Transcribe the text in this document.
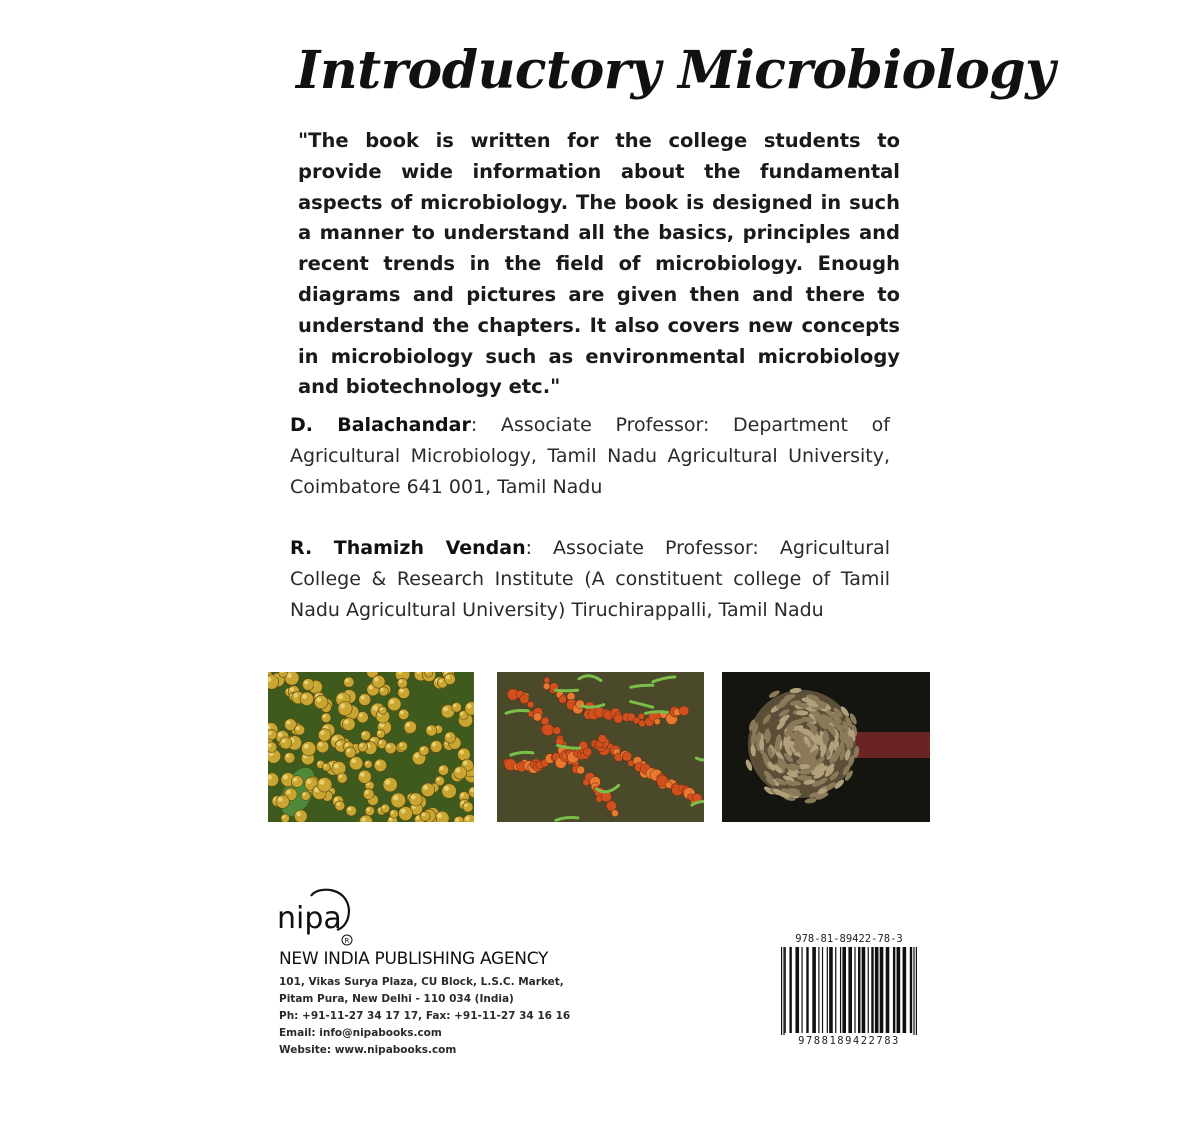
Introductory Microbiology

"The book is written for the college students to provide wide information about the fundamental aspects of microbiology. The book is designed in such a manner to understand all the basics, principles and recent trends in the field of microbiology. Enough diagrams and pictures are given then and there to understand the chapters. It also covers new concepts in microbiology such as environmental microbiology and biotechnology etc."

D. Balachandar: Associate Professor: Department of Agricultural Microbiology, Tamil Nadu Agricultural University, Coimbatore 641 001, Tamil Nadu

R. Thamizh Vendan: Associate Professor: Agricultural College & Research Institute (A constituent college of Tamil Nadu Agricultural University) Tiruchirappalli, Tamil Nadu

nipa
R
NEW INDIA PUBLISHING AGENCY
101, Vikas Surya Plaza, CU Block, L.S.C. Market,
Pitam Pura, New Delhi - 110 034 (India)
Ph: +91-11-27 34 17 17, Fax: +91-11-27 34 16 16
Email: info@nipabooks.com
Website: www.nipabooks.com
978-81-89422-78-3
9788189422783
